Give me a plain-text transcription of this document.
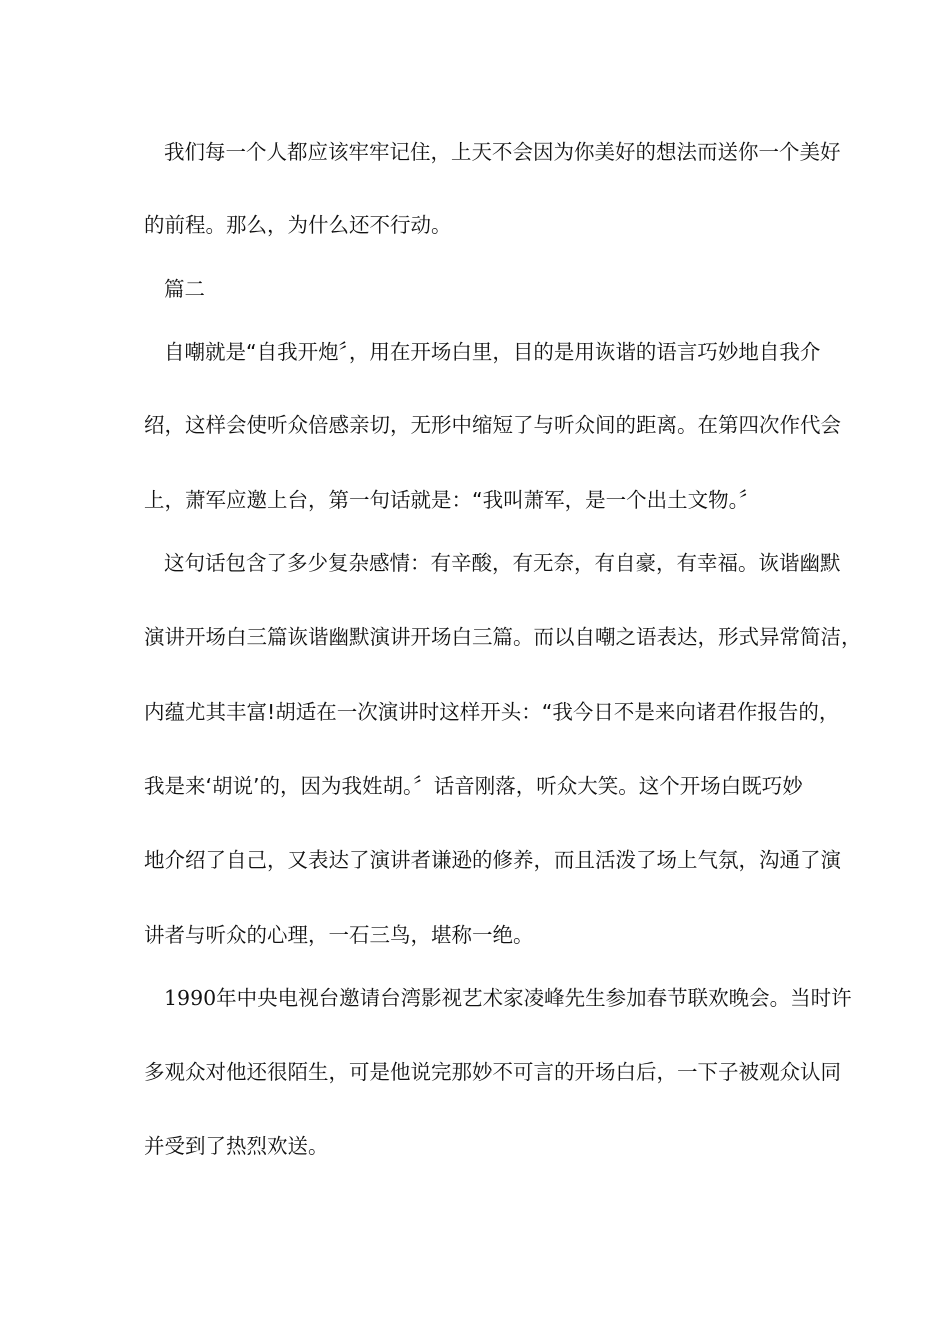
我们每一个人都应该牢牢记住，上天不会因为你美好的想法而送你一个美好
的前程。那么，为什么还不行动。
篇二
自嘲就是“自我开炮〞，用在开场白里，目的是用诙谐的语言巧妙地自我介
绍，这样会使听众倍感亲切，无形中缩短了与听众间的距离。在第四次作代会
上，萧军应邀上台，第一句话就是：“我叫萧军，是一个出土文物。〞
这句话包含了多少复杂感情：有辛酸，有无奈，有自豪，有幸福。诙谐幽默
演讲开场白三篇诙谐幽默演讲开场白三篇。而以自嘲之语表达，形式异常简洁，
内蕴尤其丰富!胡适在一次演讲时这样开头：“我今日不是来向诸君作报告的，
我是来‘胡说’的，因为我姓胡。〞话音刚落，听众大笑。这个开场白既巧妙
地介绍了自己，又表达了演讲者谦逊的修养，而且活泼了场上气氛，沟通了演
讲者与听众的心理，一石三鸟，堪称一绝。
1990年中央电视台邀请台湾影视艺术家凌峰先生参加春节联欢晚会。当时许
多观众对他还很陌生，可是他说完那妙不可言的开场白后，一下子被观众认同
并受到了热烈欢送。
